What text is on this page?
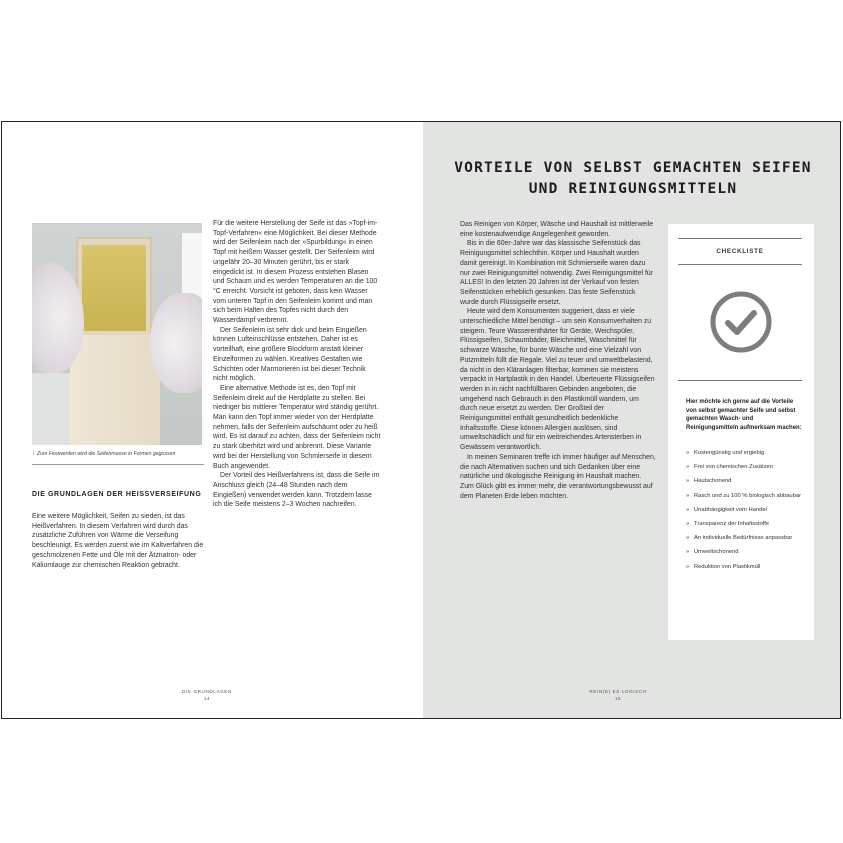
↑ Zum Festwerden wird die Seifenmasse in Formen gegossen
DIE GRUNDLAGEN DER HEISSVERSEIFUNG

Eine weitere Möglichkeit, Seifen zu sieden, ist das Heißverfahren. In diesem Verfahren wird durch das zusätzliche Zuführen von Wärme die Verseifung beschleunigt. Es werden zuerst wie im Kaltverfahren die geschmolzenen Fette und Öle mit der Ätznatron- oder Kaliumlauge zur chemischen Reaktion gebracht.

Für die weitere Herstellung der Seife ist das »Topf-im-Topf-Verfahren« eine Möglichkeit. Bei dieser Methode wird der Seifenleim nach der »Spurbildung« in einen Topf mit heißem Wasser gestellt. Der Seifenleim wird ungefähr 20–30 Minuten gerührt, bis er stark eingedickt ist. In diesem Prozess entstehen Blasen und Schaum und es werden Temperaturen an die 100 °C erreicht. Vorsicht ist geboten, dass kein Wasser vom unteren Topf in den Seifenleim kommt und man sich beim Halten des Topfes nicht durch den Wasserdampf verbrennt.

Der Seifenleim ist sehr dick und beim Eingießen können Lufteinschlüsse entstehen. Daher ist es vorteilhaft, eine größere Blockform anstatt kleiner Einzelformen zu wählen. Kreatives Gestalten wie Schichten oder Marmorieren ist bei dieser Technik nicht möglich.

Eine alternative Methode ist es, den Topf mit Seifenleim direkt auf die Herdplatte zu stellen. Bei niedriger bis mittlerer Temperatur wird ständig gerührt. Man kann den Topf immer wieder von der Herdplatte nehmen, falls der Seifenleim aufschäumt oder zu heiß wird. Es ist darauf zu achten, dass der Seifenleim nicht zu stark überhitzt wird und anbrennt. Diese Variante wird bei der Herstellung von Schmierseife in diesem Buch angewendet.

Der Vorteil des Heißverfahrens ist, dass die Seife im Anschluss gleich (24–48 Stunden nach dem Eingießen) verwendet werden kann. Trotzdem lasse ich die Seife meistens 2–3 Wochen nachreifen.

DIE GRUNDLAGEN
14
VORTEILE VON SELBST GEMACHTEN SEIFEN
UND REINIGUNGSMITTELN

Das Reinigen von Körper, Wäsche und Haushalt ist mittlerweile eine kostenaufwendige Angelegenheit geworden.

Bis in die 60er-Jahre war das klassische Seifenstück das Reinigungsmittel schlechthin. Körper und Haushalt wurden damit gereinigt. In Kombination mit Schmierseife waren dazu nur zwei Reinigungsmittel notwendig. Zwei Reinigungsmittel für ALLES! In den letzten 20 Jahren ist der Verkauf von festen Seifenstücken erheblich gesunken. Das feste Seifenstück wurde durch Flüssigseife ersetzt.

Heute wird dem Konsumenten suggeriert, dass er viele unterschiedliche Mittel benötigt – um sein Konsumverhalten zu steigern. Teure Wasserenthärter für Geräte, Weichspüler, Flüssigseifen, Schaumbäder, Bleichmittel, Waschmittel für schwarze Wäsche, für bunte Wäsche und eine Vielzahl von Putzmitteln füllt die Regale. Viel zu teuer und umweltbelastend, da nicht in den Kläranlagen filterbar, kommen sie meistens verpackt in Hartplastik in den Handel. Überteuerte Flüssigseifen werden in in nicht nachfüllbaren Gebinden angeboten, die umgehend nach Gebrauch in den Plastikmüll wandern, um durch neue ersetzt zu werden. Der Großteil der Reinigungsmittel enthält gesundheitlich bedenkliche Inhaltsstoffe. Diese können Allergien auslösen, sind umweltschädlich und für ein weitreichendes Artensterben in Gewässern verantwortlich.

In meinen Seminaren treffe ich immer häufiger auf Menschen, die nach Alternativen suchen und sich Gedanken über eine natürliche und ökologische Reinigung im Haushalt machen. Zum Glück gibt es immer mehr, die verantwortungsbewusst auf dem Planeten Erde leben möchten.

CHECKLISTE
Hier möchte ich gerne auf die Vorteile von selbst gemachter Seife und selbst gemachten Wasch- und Reinigungsmitteln aufmerksam machen:
» Kostengünstig und ergiebig
» Frei von chemischen Zusätzen
» Hautschonend
» Rasch und zu 100 % biologisch abbaubar
» Unabhängigkeit vom Handel
» Transparenz der Inhaltsstoffe
» An individuelle Bedürfnisse anpassbar
» Umweltschonend
» Reduktion von Plastikmüll
REIN(E) ES LOGISCH
15
